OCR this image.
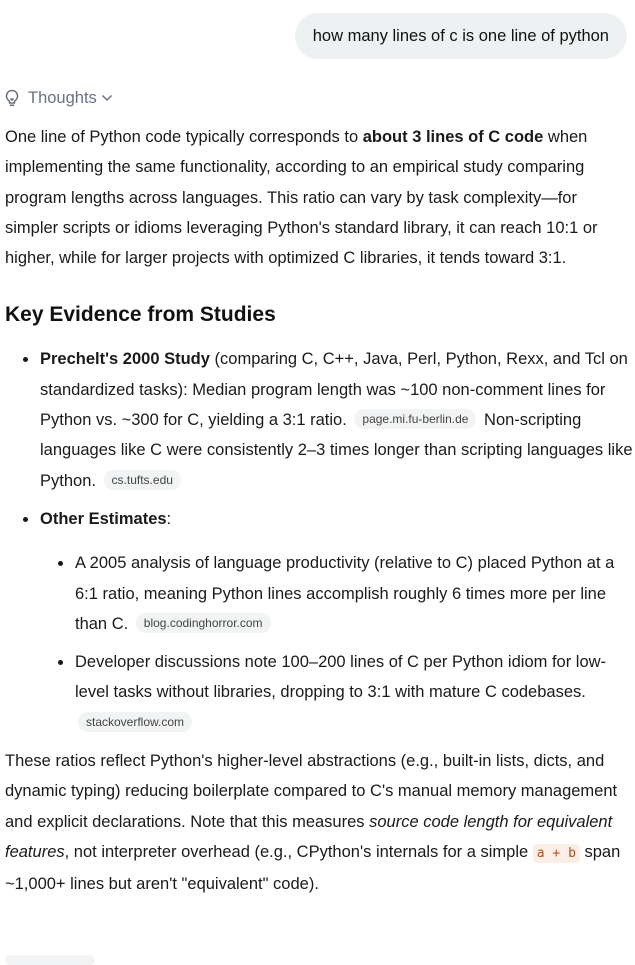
how many lines of c is one line of python
Thoughts

One line of Python code typically corresponds to about 3 lines of C code when implementing the same functionality, according to an empirical study comparing program lengths across languages. This ratio can vary by task complexity—for simpler scripts or idioms leveraging Python's standard library, it can reach 10:1 or higher, while for larger projects with optimized C libraries, it tends toward 3:1.

Key Evidence from Studies
Prechelt's 2000 Study (comparing C, C++, Java, Perl, Python, Rexx, and Tcl on standardized tasks): Median program length was ~100 non-comment lines for Python vs. ~300 for C, yielding a 3:1 ratio. page.mi.fu-berlin.de Non-scripting languages like C were consistently 2–3 times longer than scripting languages like Python. cs.tufts.edu
Other Estimates:
A 2005 analysis of language productivity (relative to C) placed Python at a 6:1 ratio, meaning Python lines accomplish roughly 6 times more per line than C. blog.codinghorror.com
Developer discussions note 100–200 lines of C per Python idiom for low-level tasks without libraries, dropping to 3:1 with mature C codebases. stackoverflow.com

These ratios reflect Python's higher-level abstractions (e.g., built-in lists, dicts, and dynamic typing) reducing boilerplate compared to C's manual memory management and explicit declarations. Note that this measures source code length for equivalent features, not interpreter overhead (e.g., CPython's internals for a simple a + b span ~1,000+ lines but aren't "equivalent" code).
